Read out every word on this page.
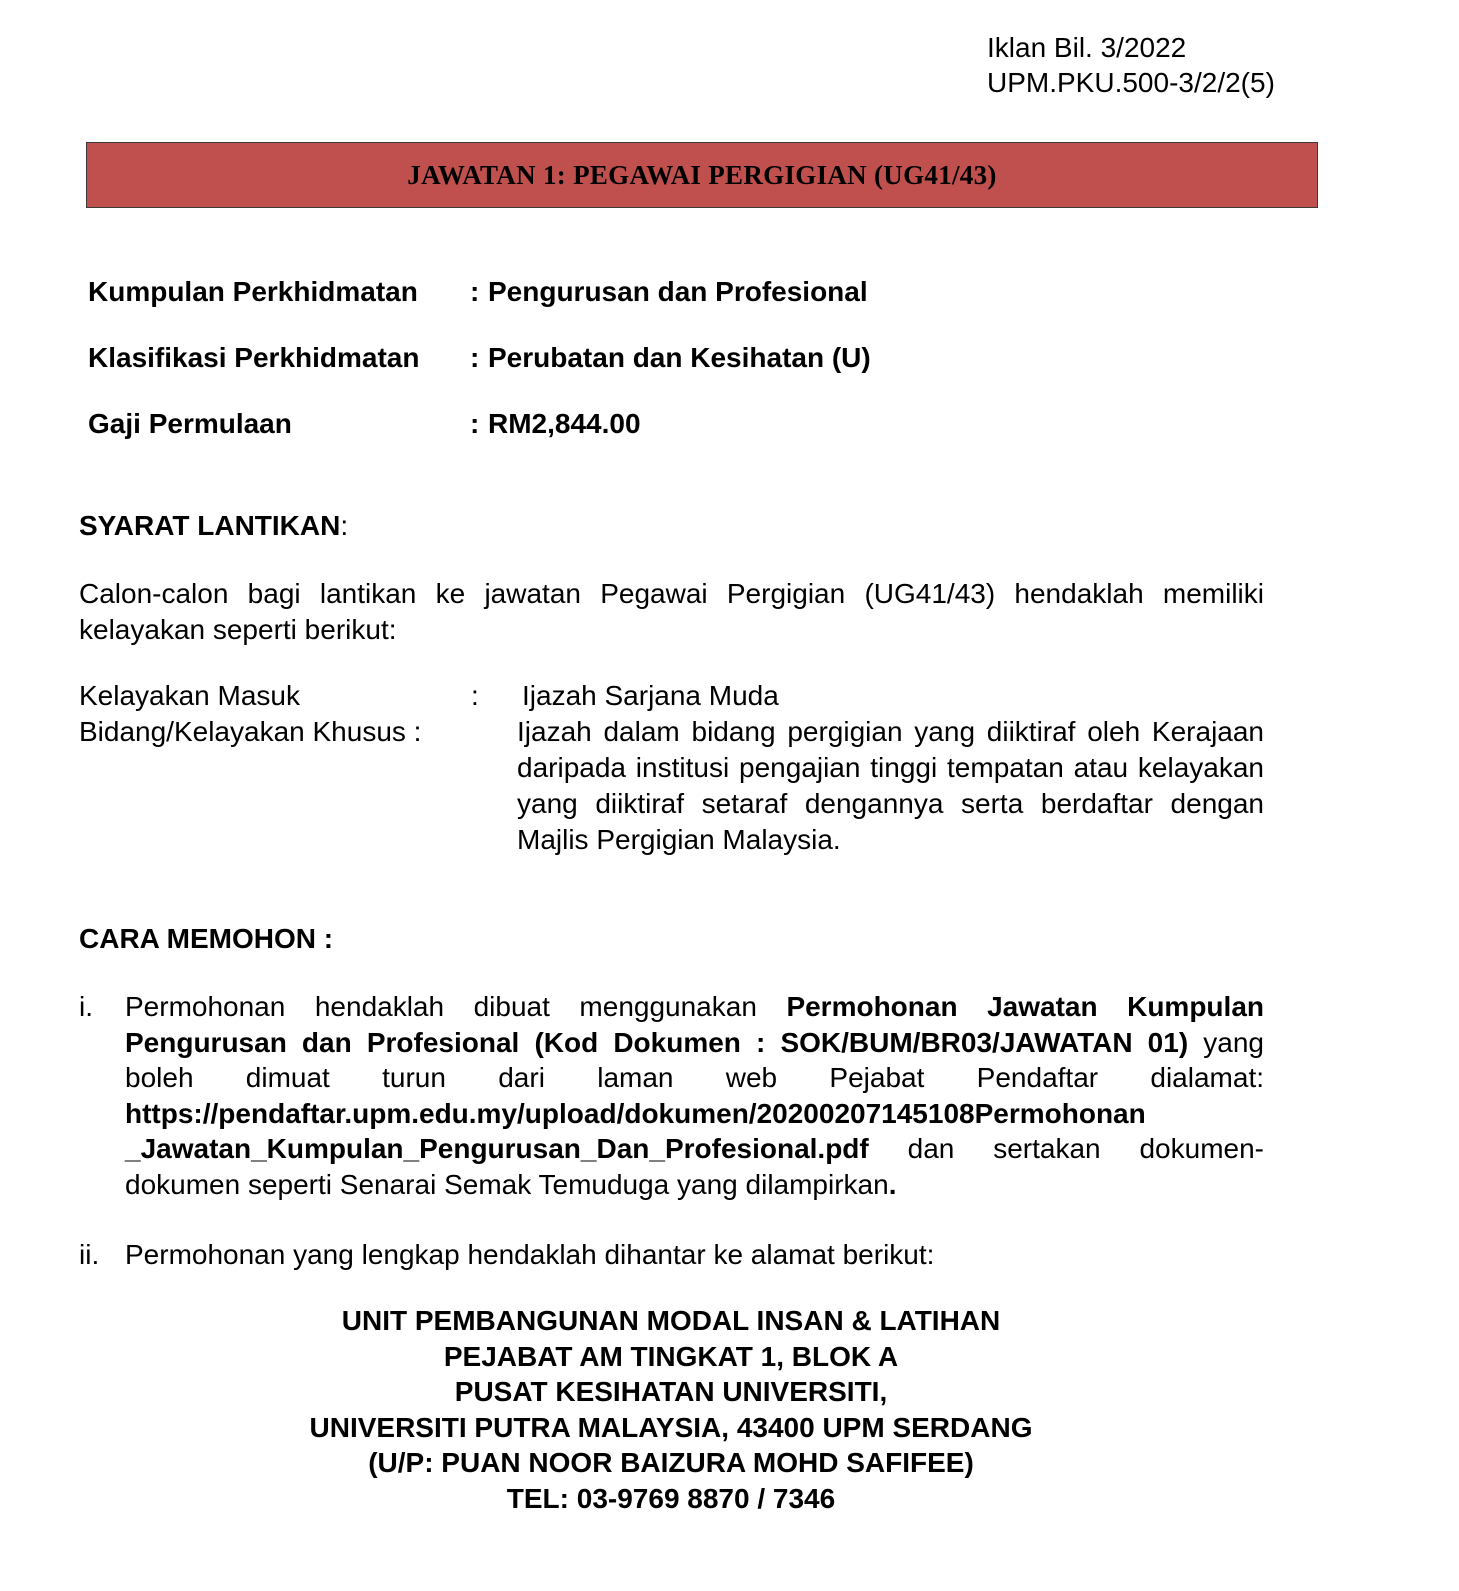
Iklan Bil. 3/2022
UPM.PKU.500-3/2/2(5)
JAWATAN 1: PEGAWAI PERGIGIAN (UG41/43)
Kumpulan Perkhidmatan : Pengurusan dan Profesional
Klasifikasi Perkhidmatan : Perubatan dan Kesihatan (U)
Gaji Permulaan	: RM2,844.00
SYARAT LANTIKAN:
Calon-calon bagi lantikan ke jawatan Pegawai Pergigian (UG41/43) hendaklah memiliki kelayakan seperti berikut:
Kelayakan Masuk	: Ijazah Sarjana Muda
Bidang/Kelayakan Khusus :	Ijazah dalam bidang pergigian yang diiktiraf oleh Kerajaan daripada institusi pengajian tinggi tempatan atau kelayakan yang diiktiraf setaraf dengannya serta berdaftar dengan Majlis Pergigian Malaysia.
CARA MEMOHON :
i. Permohonan hendaklah dibuat menggunakan Permohonan Jawatan Kumpulan Pengurusan dan Profesional (Kod Dokumen : SOK/BUM/BR03/JAWATAN 01) yang boleh dimuat turun dari laman web Pejabat Pendaftar dialamat: https://pendaftar.upm.edu.my/upload/dokumen/20200207145108Permohonan _Jawatan_Kumpulan_Pengurusan_Dan_Profesional.pdf dan sertakan dokumen-dokumen seperti Senarai Semak Temuduga yang dilampirkan.
ii. Permohonan yang lengkap hendaklah dihantar ke alamat berikut:
UNIT PEMBANGUNAN MODAL INSAN & LATIHAN
PEJABAT AM TINGKAT 1, BLOK A
PUSAT KESIHATAN UNIVERSITI,
UNIVERSITI PUTRA MALAYSIA, 43400 UPM SERDANG
(U/P: PUAN NOOR BAIZURA MOHD SAFIFEE)
TEL: 03-9769 8870 / 7346
